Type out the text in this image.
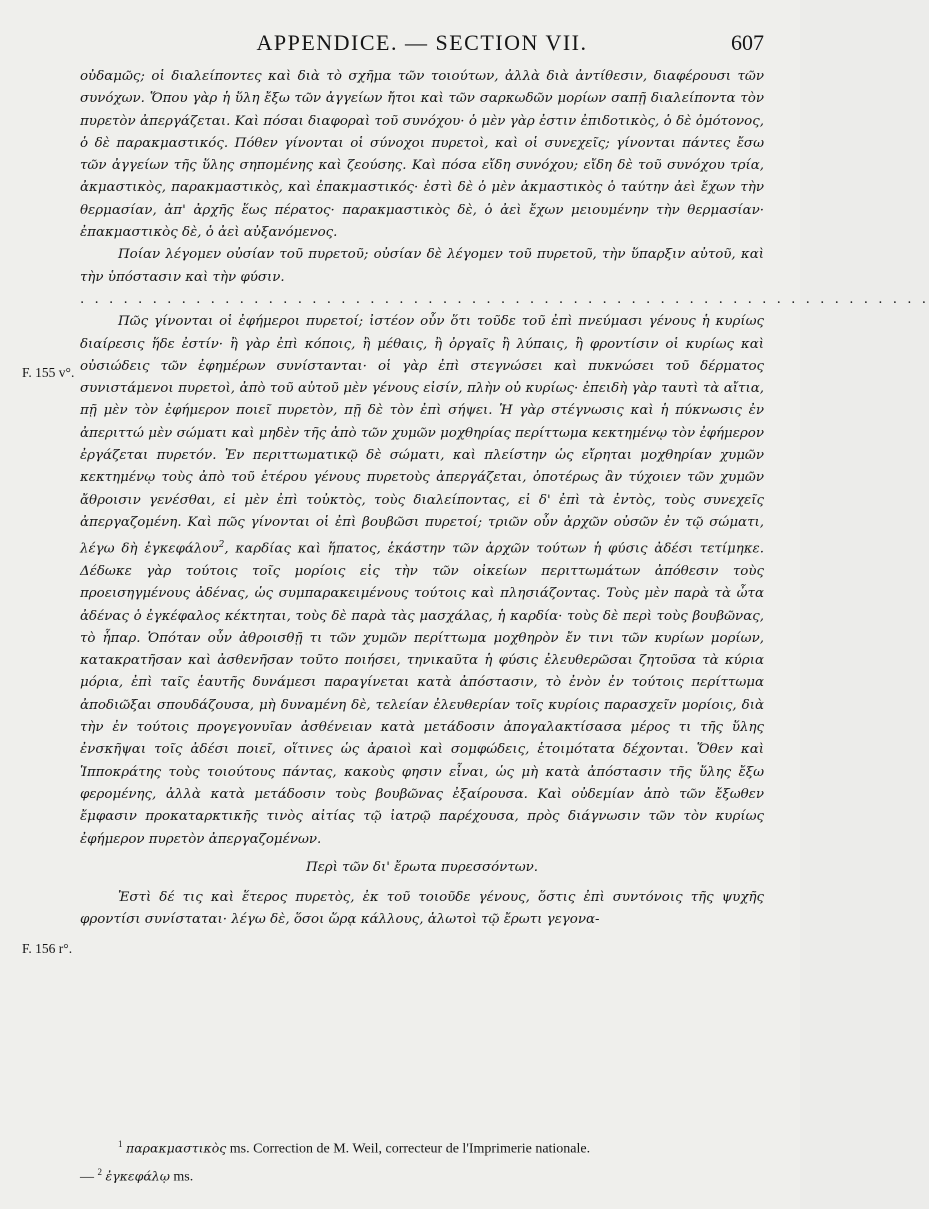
APPENDICE. — SECTION VII.	607
F. 155 v°.
F. 156 r°.

οὐδαμῶς; οἱ διαλείποντες καὶ διὰ τὸ σχῆμα τῶν τοιούτων, ἀλλὰ διὰ ἀντίθεσιν, διαφέρουσι τῶν συνόχων. Ὅπου γὰρ ἡ ὕλη ἔξω τῶν ἀγγείων ἤτοι καὶ τῶν σαρκωδῶν μορίων σαπῇ διαλείποντα τὸν πυρετὸν ἀπεργάζεται. Καὶ πόσαι διαφοραὶ τοῦ συνόχου· ὁ μὲν γὰρ ἐστιν ἐπιδοτικὸς, ὁ δὲ ὁμότονος, ὁ δὲ παρακμαστικός. Πόθεν γίνονται οἱ σύνοχοι πυρετοὶ, καὶ οἱ συνεχεῖς; γίνονται πάντες ἔσω τῶν ἀγγείων τῆς ὕλης σηπομένης καὶ ζεούσης. Καὶ πόσα εἴδη συνόχου; εἴδη δὲ τοῦ συνόχου τρία, ἀκμαστικὸς, παρακμαστικὸς, καὶ ἐπακμαστικός· ἐστὶ δὲ ὁ μὲν ἀκμαστικὸς ὁ ταύτην ἀεὶ ἔχων τὴν θερμασίαν, ἀπ' ἀρχῆς ἕως πέρατος· παρακμαστικὸς δὲ, ὁ ἀεὶ ἔχων μειουμένην τὴν θερμασίαν· ἐπακμαστικὸς δὲ, ὁ ἀεὶ αὐξανόμενος.

Ποίαν λέγομεν οὐσίαν τοῦ πυρετοῦ; οὐσίαν δὲ λέγομεν τοῦ πυρετοῦ, τὴν ὕπαρξιν αὐτοῦ, καὶ τὴν ὑπόστασιν καὶ τὴν φύσιν.

. . . . . . . . . . . . . . . . . . . . . . . . . . . . . . . . . . . . . . . . . . . . . . . . . . . . . . . . . . .

Πῶς γίνονται οἱ ἐφήμεροι πυρετοί; ἰστέον οὖν ὅτι τοῦδε τοῦ ἐπὶ πνεύμασι γένους ἡ κυρίως διαίρεσις ἥδε ἐστίν· ἢ γὰρ ἐπὶ κόποις, ἢ μέθαις, ἢ ὀργαῖς ἢ λύπαις, ἢ φροντίσιν οἱ κυρίως καὶ οὐσιώδεις τῶν ἐφημέρων συνίστανται· οἱ γὰρ ἐπὶ στεγνώσει καὶ πυκνώσει τοῦ δέρματος συνιστάμενοι πυρετοὶ, ἀπὸ τοῦ αὐτοῦ μὲν γένους εἰσίν, πλὴν οὐ κυρίως· ἐπειδὴ γὰρ ταυτὶ τὰ αἴτια, πῇ μὲν τὸν ἐφήμερον ποιεῖ πυρετὸν, πῇ δὲ τὸν ἐπὶ σήψει. Ἡ γὰρ στέγνωσις καὶ ἡ πύκνωσις ἐν ἀπεριττώ μὲν σώματι καὶ μηδὲν τῆς ἀπὸ τῶν χυμῶν μοχθηρίας περίττωμα κεκτημένῳ τὸν ἐφήμερον ἐργάζεται πυρετόν. Ἐν περιττωματικῷ δὲ σώματι, καὶ πλείστην ὡς εἴρηται μοχθηρίαν χυμῶν κεκτημένῳ τοὺς ἀπὸ τοῦ ἑτέρου γένους πυρετοὺς ἀπεργάζεται, ὁποτέρως ἂν τύχοιεν τῶν χυμῶν ἄθροισιν γενέσθαι, εἰ μὲν ἐπὶ τοὐκτὸς, τοὺς διαλείποντας, εἰ δ' ἐπὶ τὰ ἐντὸς, τοὺς συνεχεῖς ἀπεργαζομένη. Καὶ πῶς γίνονται οἱ ἐπὶ βουβῶσι πυρετοί; τριῶν οὖν ἀρχῶν οὐσῶν ἐν τῷ σώματι, λέγω δὴ ἐγκεφάλου$^2$, καρδίας καὶ ἥπατος, ἑκάστην τῶν ἀρχῶν τούτων ἡ φύσις ἀδέσι τετίμηκε. Δέδωκε γὰρ τούτοις τοῖς μορίοις εἰς τὴν τῶν οἰκείων περιττωμάτων ἀπόθεσιν τοὺς προεισηγμένους ἀδένας, ὡς συμπαρακειμένους τούτοις καὶ πλησιάζοντας. Τοὺς μὲν παρὰ τὰ ὦτα ἀδένας ὁ ἐγκέφαλος κέκτηται, τοὺς δὲ παρὰ τὰς μασχάλας, ἡ καρδία· τοὺς δὲ περὶ τοὺς βουβῶνας, τὸ ἧπαρ. Ὁπόταν οὖν ἀθροισθῇ τι τῶν χυμῶν περίττωμα μοχθηρὸν ἔν τινι τῶν κυρίων μορίων, κατακρατῆσαν καὶ ἀσθενῆσαν τοῦτο ποιήσει, τηνικαῦτα ἡ φύσις ἐλευθερῶσαι ζητοῦσα τὰ κύρια μόρια, ἐπὶ ταῖς ἑαυτῆς δυνάμεσι παραγίνεται κατὰ ἀπόστασιν, τὸ ἐνὸν ἐν τούτοις περίττωμα ἀποδιῶξαι σπουδάζουσα, μὴ δυναμένη δὲ, τελείαν ἐλευθερίαν τοῖς κυρίοις παρασχεῖν μορίοις, διὰ τὴν ἐν τούτοις προγεγονυῖαν ἀσθένειαν κατὰ μετάδοσιν ἀπογαλακτίσασα μέρος τι τῆς ὕλης ἐνσκῆψαι τοῖς ἀδέσι ποιεῖ, οἵτινες ὡς ἀραιοὶ καὶ σομφώδεις, ἑτοιμότατα δέχονται. Ὅθεν καὶ Ἱπποκράτης τοὺς τοιούτους πάντας, κακοὺς φησιν εἶναι, ὡς μὴ κατὰ ἀπόστασιν τῆς ὕλης ἔξω φερομένης, ἀλλὰ κατὰ μετάδοσιν τοὺς βουβῶνας ἐξαίρουσα. Καὶ οὐδεμίαν ἀπὸ τῶν ἔξωθεν ἔμφασιν προκαταρκτικῆς τινὸς αἰτίας τῷ ἰατρῷ παρέχουσα, πρὸς διάγνωσιν τῶν τὸν κυρίως ἐφήμερον πυρετὸν ἀπεργαζομένων.

Περὶ τῶν δι' ἔρωτα πυρεσσόντων.

Ἐστὶ δέ τις καὶ ἕτερος πυρετὸς, ἐκ τοῦ τοιοῦδε γένους, ὅστις ἐπὶ συντόνοις τῆς ψυχῆς φροντίσι συνίσταται· λέγω δὲ, ὅσοι ὥρᾳ κάλλους, ἁλωτοὶ τῷ ἔρωτι γεγονα-

$^1$ παρακμαστικὸς ms. Correction de M. Weil, correcteur de l'Imprimerie nationale.
— $^2$ ἐγκεφάλῳ ms.
